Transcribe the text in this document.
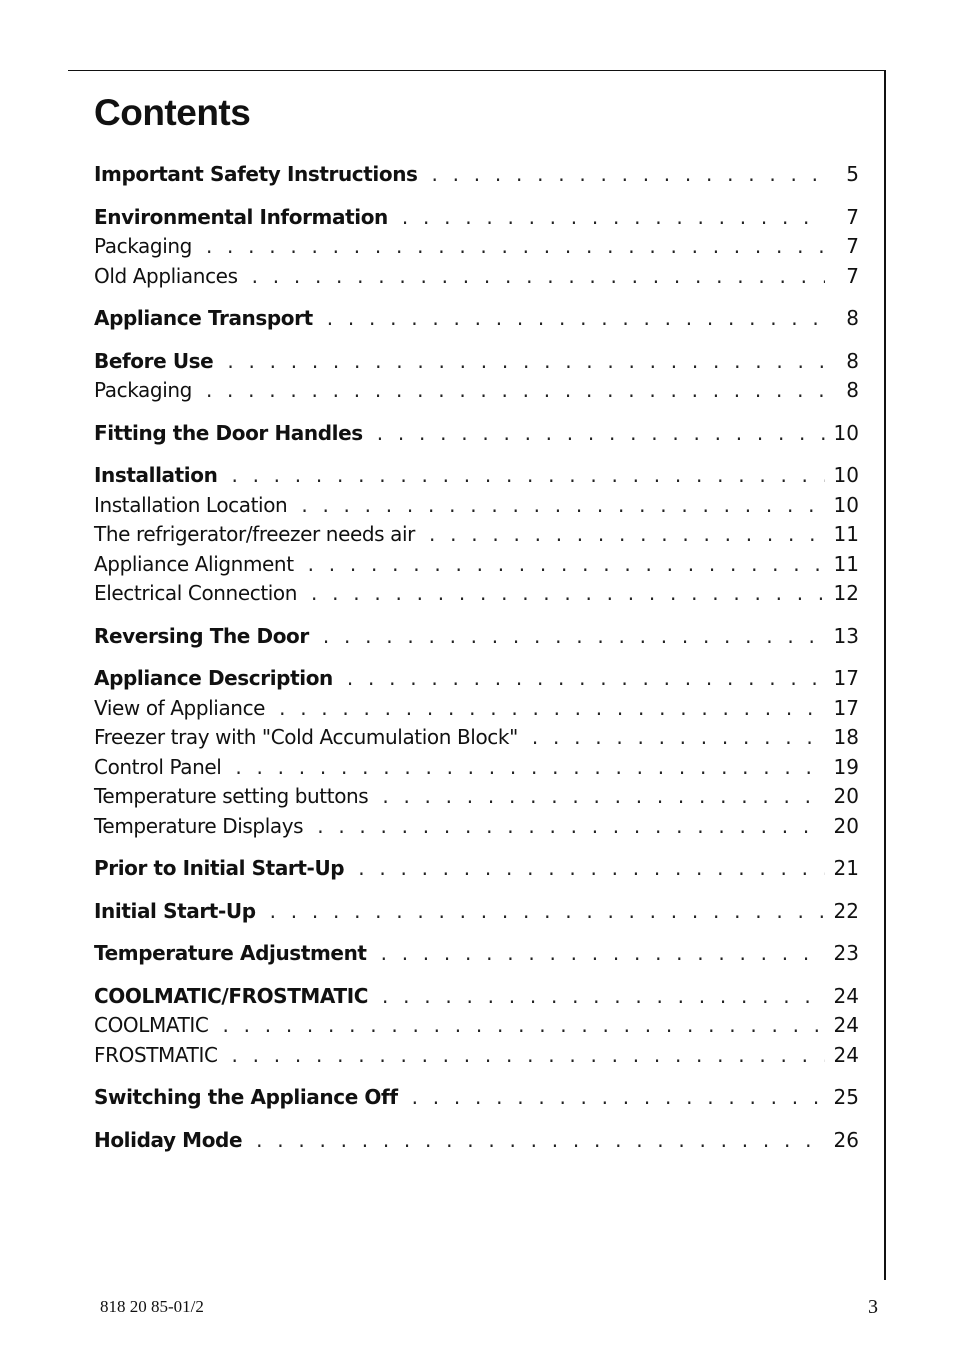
Contents
Important Safety Instructions . . .	5
Environmental Information . . .	7
Packaging . . .	7
Old Appliances . . .	7
Appliance Transport . . .	8
Before Use . . .	8
Packaging . . .	8
Fitting the Door Handles . . .	10
Installation . . .	10
Installation Location . . .	10
The refrigerator/freezer needs air . . .	11
Appliance Alignment . . .	11
Electrical Connection . . .	12
Reversing The Door . . .	13
Appliance Description . . .	17
View of Appliance . . .	17
Freezer tray with "Cold Accumulation Block" . . .	18
Control Panel . . .	19
Temperature setting buttons . . .	20
Temperature Displays . . .	20
Prior to Initial Start-Up . . .	21
Initial Start-Up . . .	22
Temperature Adjustment . . .	23
COOLMATIC/FROSTMATIC . . .	24
COOLMATIC . . .	24
FROSTMATIC . . .	24
Switching the Appliance Off . . .	25
Holiday Mode . . .	26
818 20 85-01/2	3
